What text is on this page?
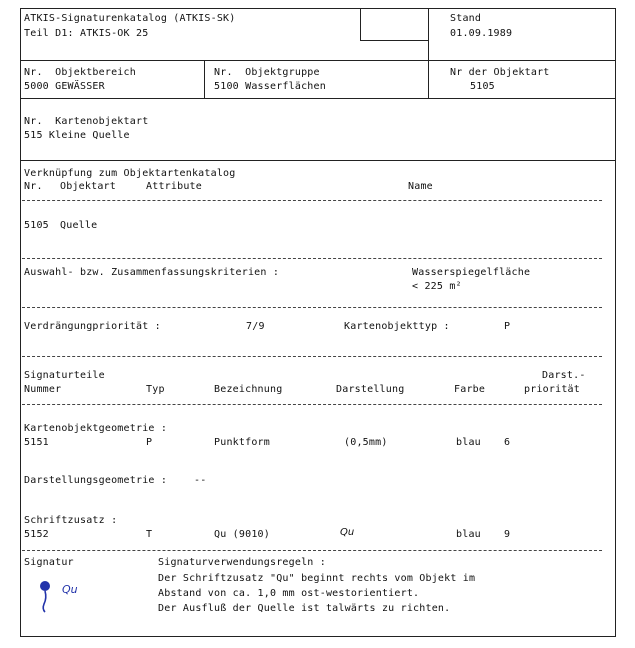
ATKIS-Signaturenkatalog (ATKIS-SK)
Teil D1: ATKIS-OK 25
Stand
01.09.1989
Nr.  Objektbereich
5000 GEWÄSSER
Nr.  Objektgruppe
5100 Wasserflächen
Nr der Objektart
5105
Nr.  Kartenobjektart
515 Kleine Quelle
Verknüpfung zum Objektartenkatalog
Nr. Objektart	Attribute	Name
5105 Quelle
Auswahl- bzw. Zusammenfassungskriterien :	Wasserspiegelfläche
< 225 m²
Verdrängungpriorität :	7/9	Kartenobjekttyp :	P
Signaturteile	Darst.-
Nummer	Typ	Bezeichnung	Darstellung	Farbe	priorität
Kartenobjektgeometrie :
5151	P	Punktform	(0,5mm)	blau 6
Darstellungsgeometrie :	--
Schriftzusatz :
5152	T	Qu (9010)	Qu	blau 9
Signatur	Signaturverwendungsregeln :
Der Schriftzusatz "Qu" beginnt rechts vom Objekt im
Abstand von ca. 1,0 mm ost-westorientiert.
Der Ausfluß der Quelle ist talwärts zu richten.
Qu
